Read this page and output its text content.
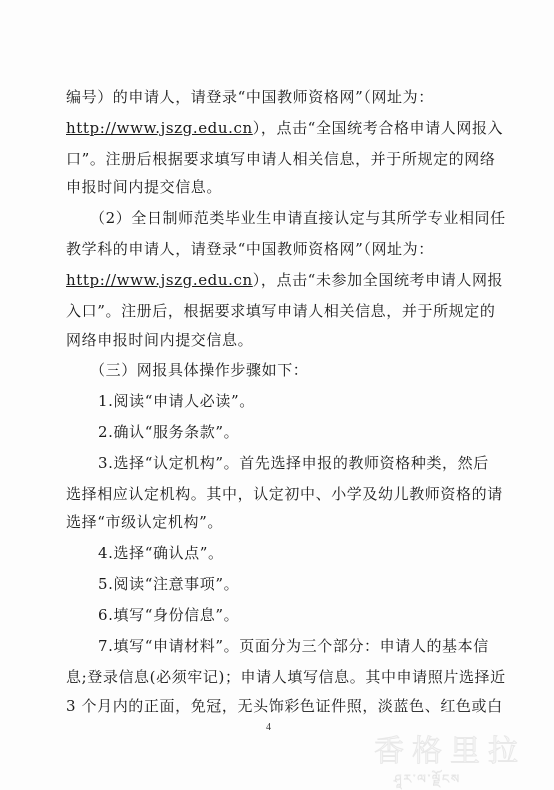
编号）的申请人，请登录“中国教师资格网”（网址为：
http://www.jszg.edu.cn），点击“全国统考合格申请人网报入
口”。注册后根据要求填写申请人相关信息，并于所规定的网络
申报时间内提交信息。
（2）全日制师范类毕业生申请直接认定与其所学专业相同任
教学科的申请人，请登录“中国教师资格网”（网址为：
http://www.jszg.edu.cn），点击“未参加全国统考申请人网报
入口”。注册后，根据要求填写申请人相关信息，并于所规定的
网络申报时间内提交信息。
（三）网报具体操作步骤如下：
1.阅读“申请人必读”。
2.确认“服务条款”。
3.选择“认定机构”。首先选择申报的教师资格种类，然后
选择相应认定机构。其中，认定初中、小学及幼儿教师资格的请
选择“市级认定机构”。
4.选择“确认点”。
5.阅读“注意事项”。
6.填写“身份信息”。
7.填写“申请材料”。页面分为三个部分：申请人的基本信
息;登录信息(必须牢记)；申请人填写信息。其中申请照片选择近
3 个月内的正面，免冠，无头饰彩色证件照，淡蓝色、红色或白
4
香格里拉
ཤཱར་ལ་ལྗོངས
